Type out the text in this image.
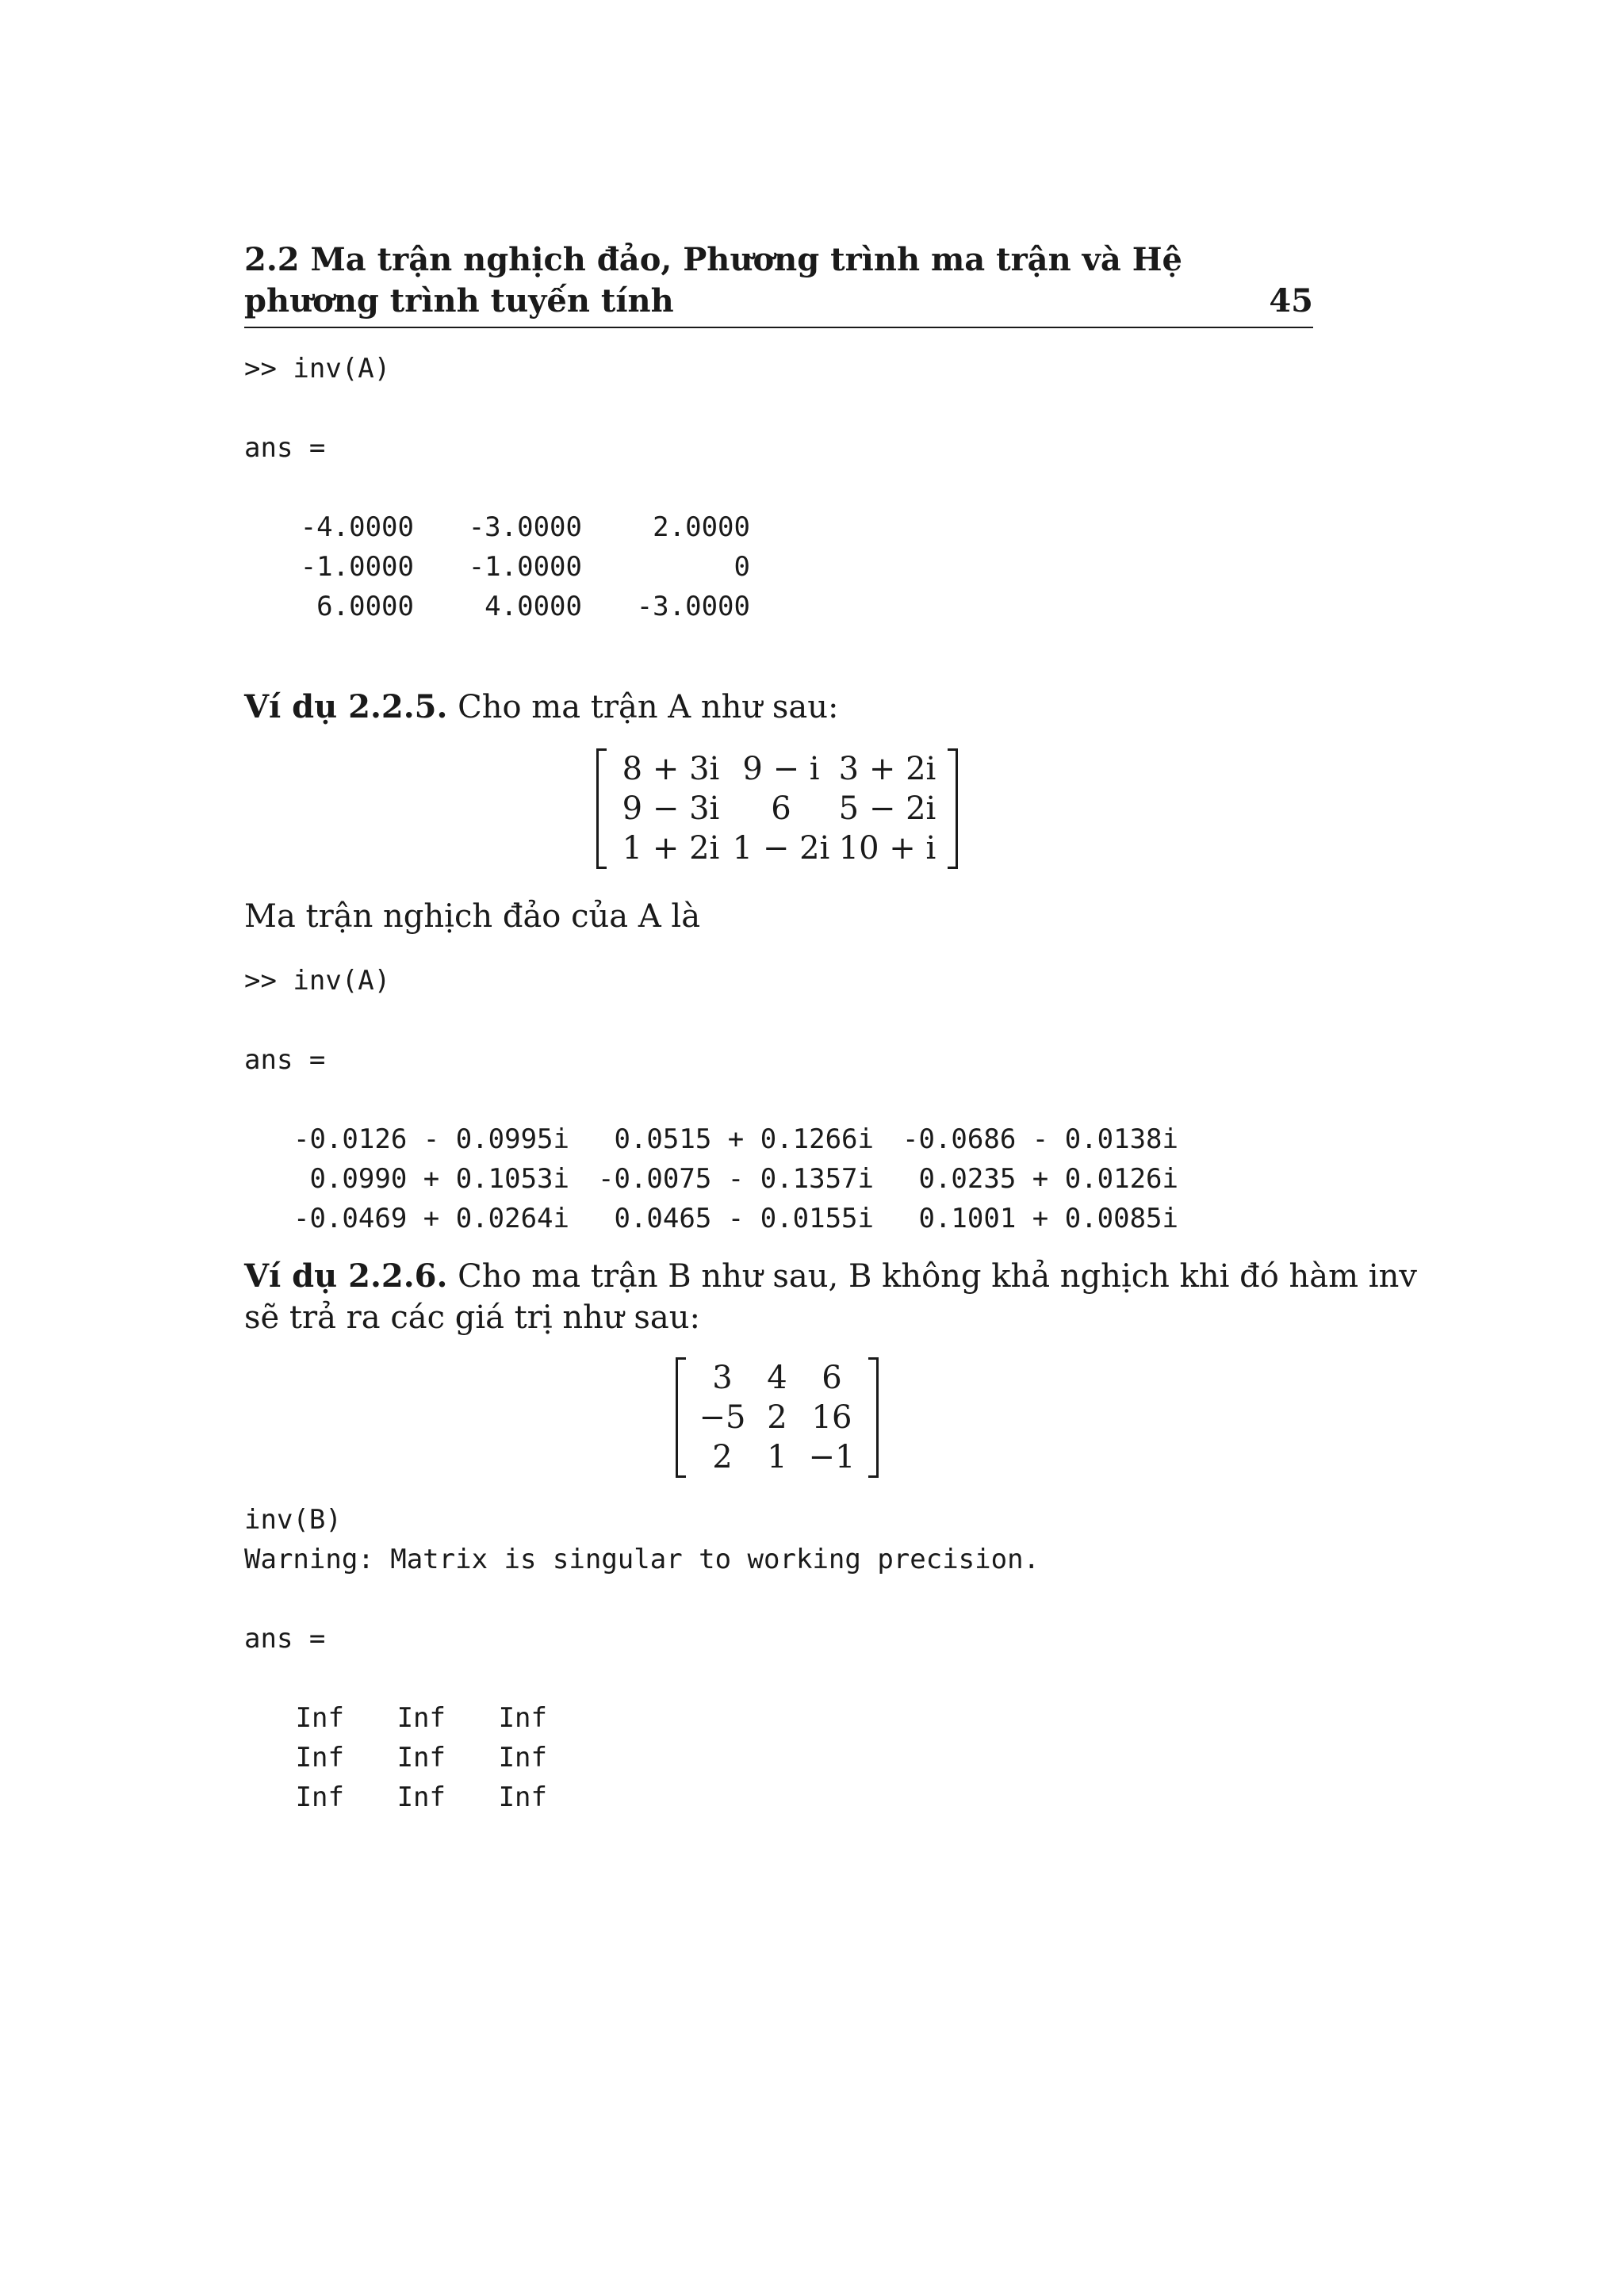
2.2 Ma trận nghịch đảo, Phương trình ma trận và Hệ phương trình tuyến tính	45
>> inv(A)
ans =
-4.0000	-3.0000	2.0000
-1.0000	-1.0000	0
6.0000	4.0000	-3.0000
Ví dụ 2.2.5. Cho ma trận A như sau:
8 + 3i	9 − i	3 + 2i
9 − 3i	6	5 − 2i
1 + 2i	1 − 2i	10 + i
Ma trận nghịch đảo của A là
>> inv(A)
ans =
-0.0126 - 0.0995i	0.0515 + 0.1266i	-0.0686 - 0.0138i
0.0990 + 0.1053i	-0.0075 - 0.1357i	0.0235 + 0.0126i
-0.0469 + 0.0264i	0.0465 - 0.0155i	0.1001 + 0.0085i
Ví dụ 2.2.6. Cho ma trận B như sau, B không khả nghịch khi đó hàm inv
sẽ trả ra các giá trị như sau:
3	4	6
−5	2	16
2	1	−1
inv(B)
Warning: Matrix is singular to working precision.
ans =
Inf	Inf	Inf
Inf	Inf	Inf
Inf	Inf	Inf
